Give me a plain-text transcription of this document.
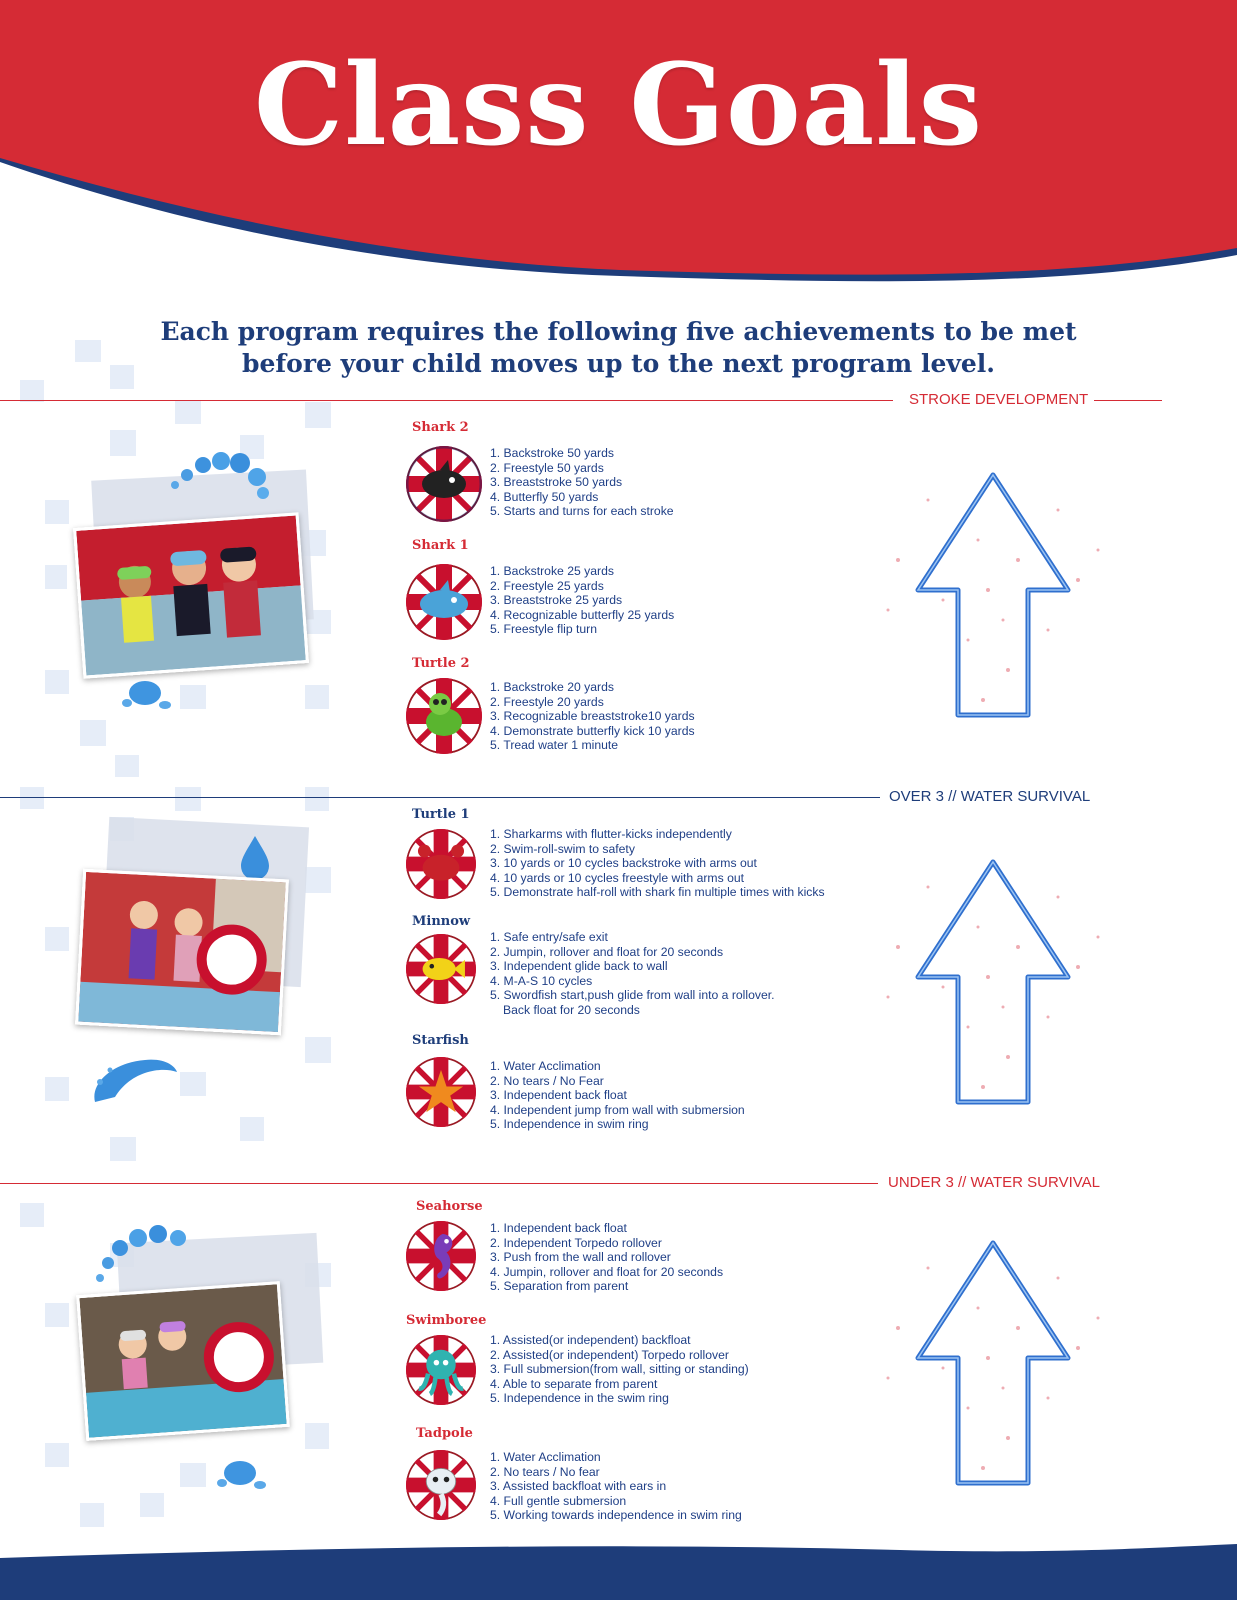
Class Goals

Each program requires the following five achievements to be met
before your child moves up to the next program level.

STROKE DEVELOPMENT
Shark 2
1. Backstroke 50 yards
2. Freestyle 50 yards
3. Breaststroke 50 yards
4. Butterfly 50 yards
5. Starts and turns for each stroke
Shark 1
1. Backstroke 25 yards
2. Freestyle 25 yards
3. Breaststroke 25 yards
4. Recognizable butterfly 25 yards
5. Freestyle flip turn
Turtle 2
1. Backstroke 20 yards
2. Freestyle 20 yards
3. Recognizable breaststroke10 yards
4. Demonstrate butterfly kick 10 yards
5. Tread water 1 minute
OVER 3 // WATER SURVIVAL
Turtle 1
1. Sharkarms with flutter-kicks independently
2. Swim-roll-swim to safety
3. 10 yards or 10 cycles backstroke with arms out
4. 10 yards or 10 cycles freestyle with arms out
5. Demonstrate half-roll with shark fin multiple times with kicks
Minnow
1. Safe entry/safe exit
2. Jumpin, rollover and float for 20 seconds
3. Independent glide back to wall
4. M-A-S 10 cycles
5. Swordfish start,push glide from wall into a rollover.
Back float for 20 seconds
Starfish
1. Water Acclimation
2. No tears / No Fear
3. Independent back float
4. Independent jump from wall with submersion
5. Independence in swim ring
UNDER 3 // WATER SURVIVAL
Seahorse
1. Independent back float
2. Independent Torpedo rollover
3. Push from the wall and rollover
4. Jumpin, rollover and float for 20 seconds
5. Separation from parent
Swimboree
1. Assisted(or independent) backfloat
2. Assisted(or independent) Torpedo rollover
3. Full submersion(from wall, sitting or standing)
4. Able to separate from parent
5. Independence in the swim ring
Tadpole
1. Water Acclimation
2. No tears / No fear
3. Assisted backfloat with ears in
4. Full gentle submersion
5. Working towards independence in swim ring
